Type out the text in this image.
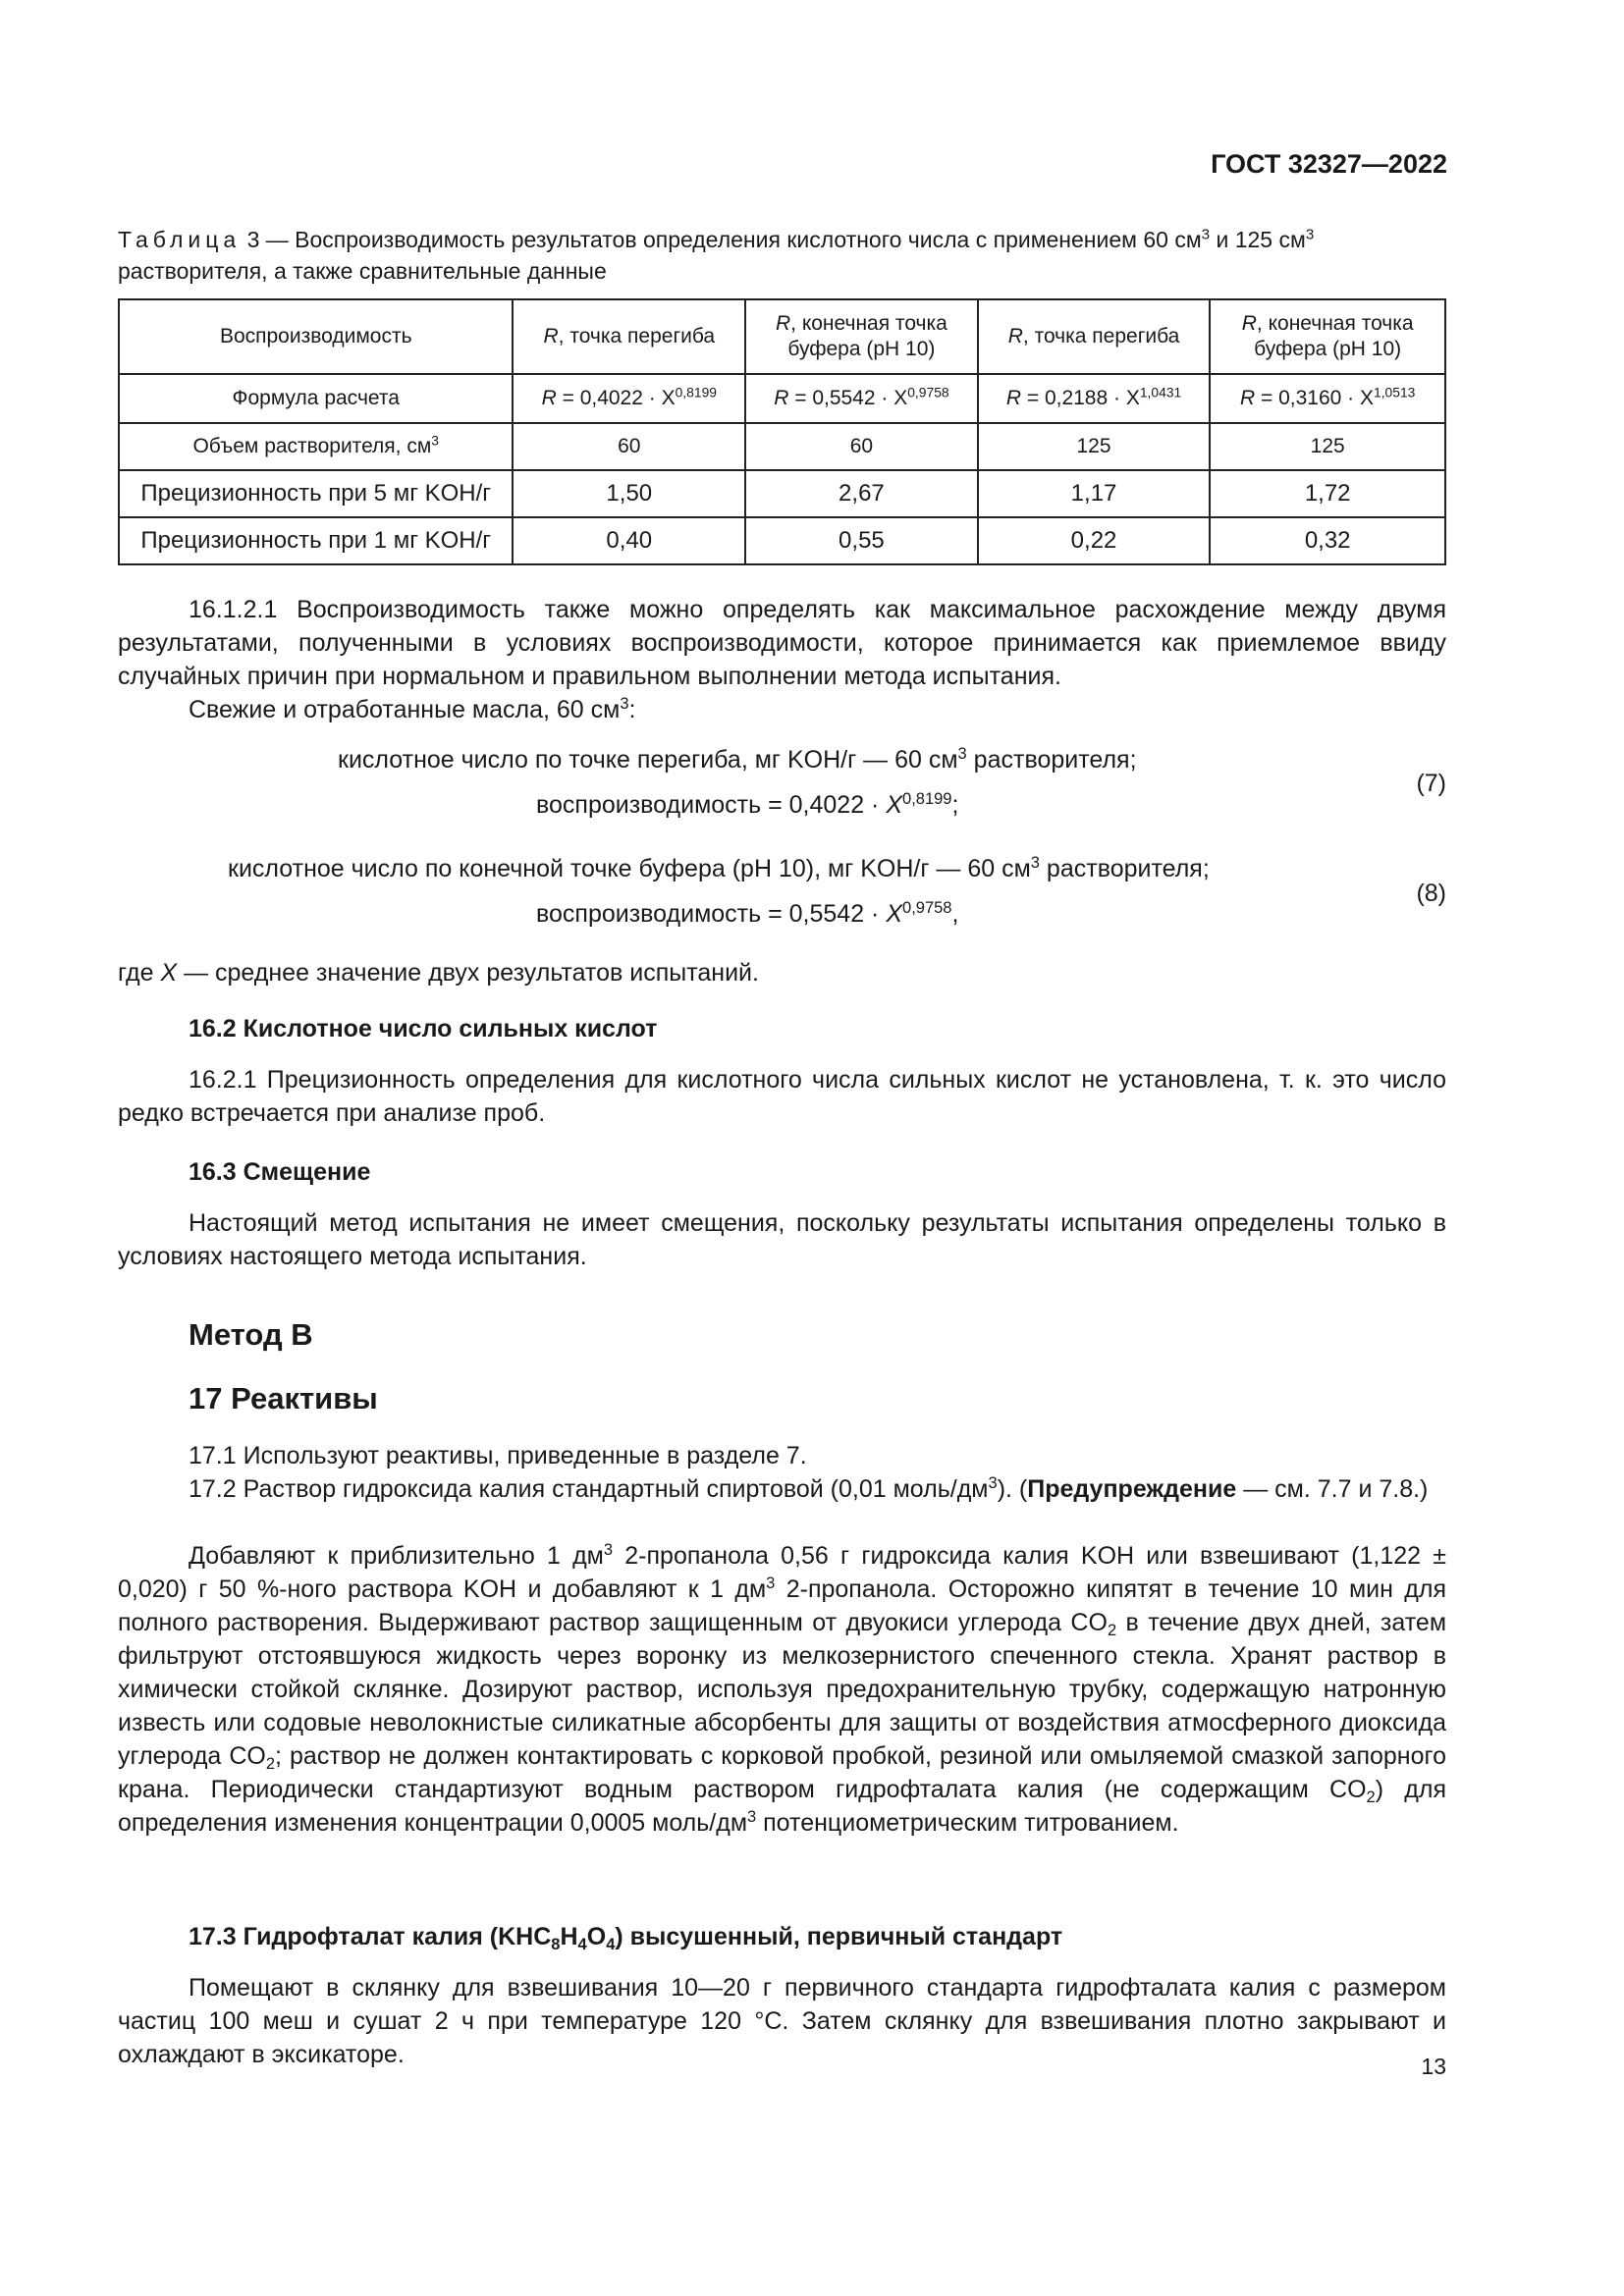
ГОСТ 32327—2022
Таблица 3 — Воспроизводимость результатов определения кислотного числа с применением 60 $см^3$ и 125 $см^3$
растворителя, а также сравнительные данные
Воспроизводимость	R, точка перегиба	R, конечная точка буфера (pH 10)	R, точка перегиба	R, конечная точка буфера (pH 10)
Формула расчета	$R = 0,4022 \cdot X^{0,8199}$	$R = 0,5542 \cdot X^{0,9758}$	$R = 0,2188 \cdot X^{1,0431}$	$R = 0,3160 \cdot X^{1,0513}$
Объем растворителя, $см^3$	60	60	125	125
Прецизионность при 5 мг KOH/г	1,50	2,67	1,17	1,72
Прецизионность при 1 мг KOH/г	0,40	0,55	0,22	0,32
16.1.2.1 Воспроизводимость также можно определять как максимальное расхождение между двумя результатами, полученными в условиях воспроизводимости, которое принимается как приемлемое ввиду случайных причин при нормальном и правильном выполнении метода испытания.
Свежие и отработанные масла, 60 $см^3$:
кислотное число по точке перегиба, мг KOH/г — 60 $см^3$ растворителя;
воспроизводимость = $0,4022 \cdot X^{0,8199}$;
(7)
кислотное число по конечной точке буфера (pH 10), мг KOH/г — 60 $см^3$ растворителя;
воспроизводимость = $0,5542 \cdot X^{0,9758}$,
(8)
где X — среднее значение двух результатов испытаний.
16.2 Кислотное число сильных кислот
16.2.1 Прецизионность определения для кислотного числа сильных кислот не установлена, т. к. это число редко встречается при анализе проб.
16.3 Смещение
Настоящий метод испытания не имеет смещения, поскольку результаты испытания определены только в условиях настоящего метода испытания.
Метод B
17 Реактивы
17.1 Используют реактивы, приведенные в разделе 7.
17.2 Раствор гидроксида калия стандартный спиртовой (0,01 моль/$дм^3$). (Предупреждение — см. 7.7 и 7.8.)
Добавляют к приблизительно 1 $дм^3$ 2-пропанола 0,56 г гидроксида калия KOH или взвешивают (1,122 ± 0,020) г 50 %-ного раствора KOH и добавляют к 1 $дм^3$ 2-пропанола. Осторожно кипятят в течение 10 мин для полного растворения. Выдерживают раствор защищенным от двуокиси углерода $CO_2$ в течение двух дней, затем фильтруют отстоявшуюся жидкость через воронку из мелкозернистого спеченного стекла. Хранят раствор в химически стойкой склянке. Дозируют раствор, используя предохранительную трубку, содержащую натронную известь или содовые неволокнистые силикатные абсорбенты для защиты от воздействия атмосферного диоксида углерода $CO_2$; раствор не должен контактировать с корковой пробкой, резиной или омыляемой смазкой запорного крана. Периодически стандартизуют водным раствором гидрофталата калия (не содержащим $CO_2$) для определения изменения концентрации 0,0005 моль/$дм^3$ потенциометрическим титрованием.
17.3 Гидрофталат калия $(KHC_8H_4O_4)$ высушенный, первичный стандарт
Помещают в склянку для взвешивания 10—20 г первичного стандарта гидрофталата калия с размером частиц 100 меш и сушат 2 ч при температуре 120 °С. Затем склянку для взвешивания плотно закрывают и охлаждают в эксикаторе.	13
